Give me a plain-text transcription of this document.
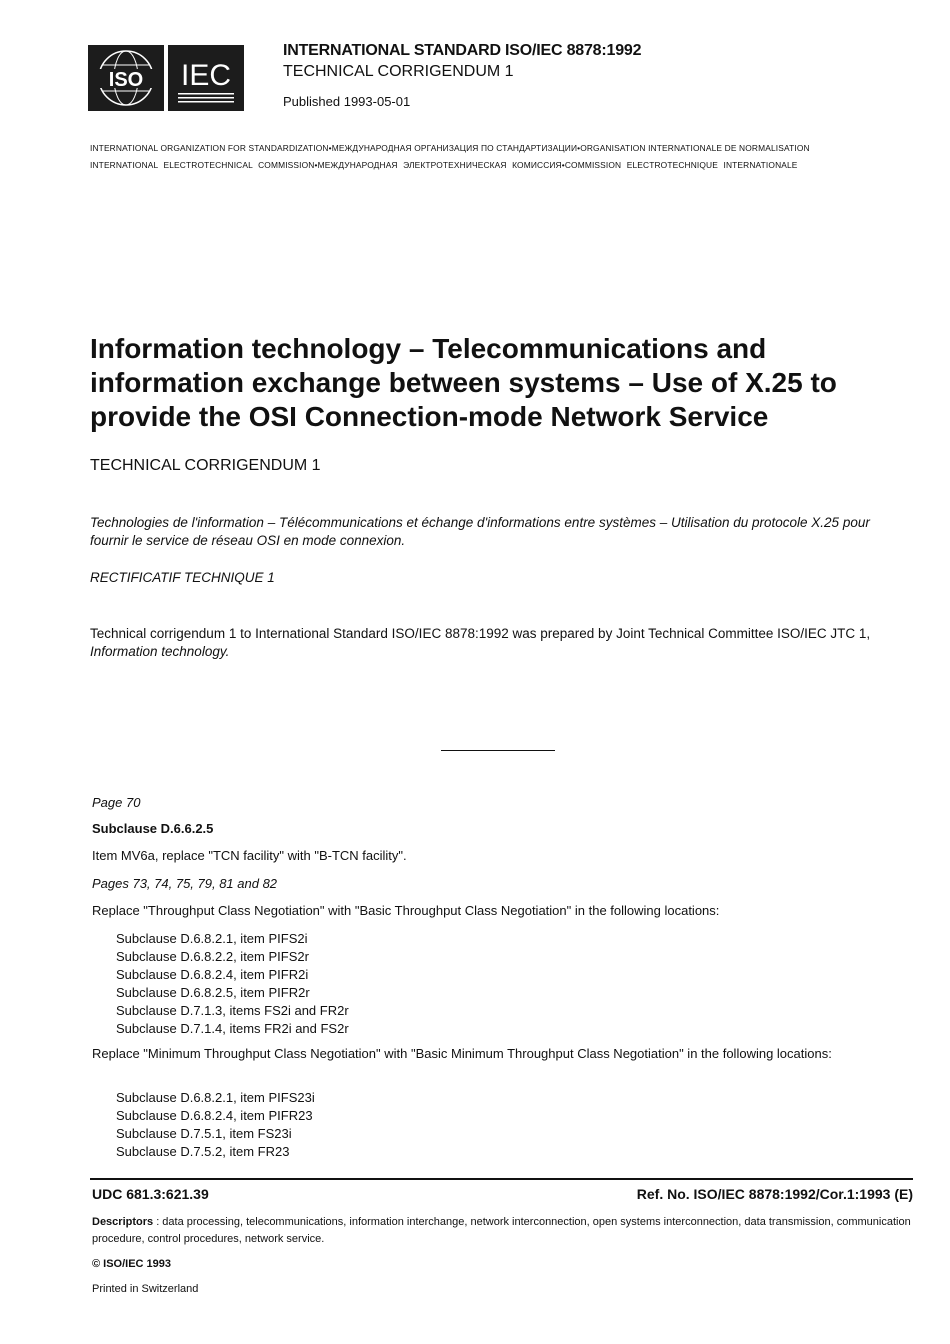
ISO IEC
INTERNATIONAL STANDARD ISO/IEC 8878:1992
TECHNICAL CORRIGENDUM 1
Published 1993-05-01
INTERNATIONAL ORGANIZATION FOR STANDARDIZATION•МЕЖДУНАРОДНАЯ ОРГАНИЗАЦИЯ ПО СТАНДАРТИЗАЦИИ•ORGANISATION INTERNATIONALE DE NORMALISATION
INTERNATIONAL ELECTROTECHNICAL COMMISSION•МЕЖДУНАРОДНАЯ ЭЛЕКТРОТЕХНИЧЕСКАЯ КОМИССИЯ•COMMISSION ELECTROTECHNIQUE INTERNATIONALE
Information technology – Telecommunications and
information exchange between systems – Use of X.25 to
provide the OSI Connection-mode Network Service
TECHNICAL CORRIGENDUM 1
Technologies de l'information – Télécommunications et échange d'informations entre systèmes – Utilisation du protocole X.25 pour fournir le service de réseau OSI en mode connexion.
RECTIFICATIF TECHNIQUE 1
Technical corrigendum 1 to International Standard ISO/IEC 8878:1992 was prepared by Joint Technical Committee ISO/IEC JTC 1, Information technology.
Page 70
Subclause D.6.6.2.5
Item MV6a, replace "TCN facility" with "B-TCN facility".
Pages 73, 74, 75, 79, 81 and 82
Replace "Throughput Class Negotiation" with "Basic Throughput Class Negotiation" in the following locations:
Subclause D.6.8.2.1, item PIFS2i
Subclause D.6.8.2.2, item PIFS2r
Subclause D.6.8.2.4, item PIFR2i
Subclause D.6.8.2.5, item PIFR2r
Subclause D.7.1.3, items FS2i and FR2r
Subclause D.7.1.4, items FR2i and FS2r
Replace "Minimum Throughput Class Negotiation" with "Basic Minimum Throughput Class Negotiation" in the following locations:
Subclause D.6.8.2.1, item PIFS23i
Subclause D.6.8.2.4, item PIFR23
Subclause D.7.5.1, item FS23i
Subclause D.7.5.2, item FR23
UDC 681.3:621.39	Ref. No. ISO/IEC 8878:1992/Cor.1:1993 (E)
Descriptors : data processing, telecommunications, information interchange, network interconnection, open systems interconnection, data transmission, communication procedure, control procedures, network service.
© ISO/IEC 1993
Printed in Switzerland
